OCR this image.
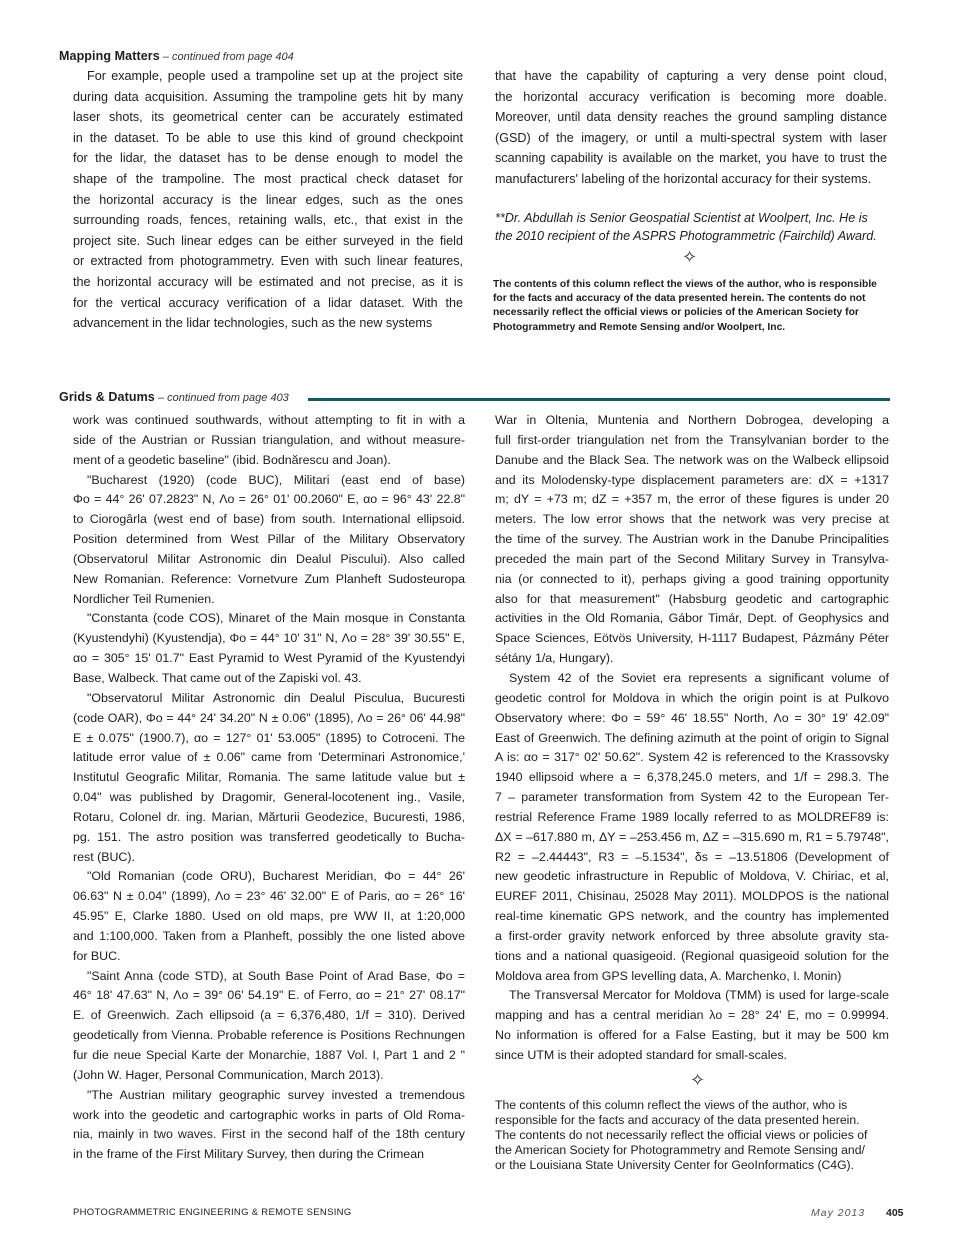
Mapping Matters – continued from page 404

For example, people used a trampoline set up at the project site

during data acquisition. Assuming the trampoline gets hit by many

laser shots, its geometrical center can be accurately estimated

in the dataset. To be able to use this kind of ground checkpoint

for the lidar, the dataset has to be dense enough to model the

shape of the trampoline. The most practical check dataset for

the horizontal accuracy is the linear edges, such as the ones

surrounding roads, fences, retaining walls, etc., that exist in the

project site. Such linear edges can be either surveyed in the field

or extracted from photogrammetry. Even with such linear features,

the horizontal accuracy will be estimated and not precise, as it is

for the vertical accuracy verification of a lidar dataset. With the

advancement in the lidar technologies, such as the new systems

that have the capability of capturing a very dense point cloud,

the horizontal accuracy verification is becoming more doable.

Moreover, until data density reaches the ground sampling distance

(GSD) of the imagery, or until a multi-spectral system with laser

scanning capability is available on the market, you have to trust the

manufacturers' labeling of the horizontal accuracy for their systems.

**Dr. Abdullah is Senior Geospatial Scientist at Woolpert, Inc. He is
the 2010 recipient of the ASPRS Photogrammetric (Fairchild) Award.
✧
The contents of this column reflect the views of the author, who is responsible
for the facts and accuracy of the data presented herein. The contents do not
necessarily reflect the official views or policies of the American Society for
Photogrammetry and Remote Sensing and/or Woolpert, Inc.
Grids & Datums – continued from page 403

work was continued southwards, without attempting to fit in with a

side of the Austrian or Russian triangulation, and without measure-

ment of a geodetic baseline" (ibid. Bodnărescu and Joan).

"Bucharest (1920) (code BUC), Militari (east end of base)

Φo = 44° 26' 07.2823" N, Λo = 26° 01' 00.2060" E, αo = 96° 43' 22.8"

to Ciorogârla (west end of base) from south. International ellipsoid.

Position determined from West Pillar of the Military Observatory

(Observatorul Militar Astronomic din Dealul Piscului). Also called

New Romanian. Reference: Vornetvure Zum Planheft Sudosteuropa

Nordlicher Teil Rumenien.

"Constanta (code COS), Minaret of the Main mosque in Constanta

(Kyustendyhi) (Kyustendja), Φo = 44° 10' 31" N, Λo = 28° 39' 30.55" E,

αo = 305° 15' 01.7" East Pyramid to West Pyramid of the Kyustendyi

Base, Walbeck. That came out of the Zapiski vol. 43.

"Observatorul Militar Astronomic din Dealul Pisculua, Bucuresti

(code OAR), Φo = 44° 24' 34.20" N ± 0.06" (1895), Λo = 26° 06' 44.98"

E ± 0.075" (1900.7), αo = 127° 01' 53.005" (1895) to Cotroceni. The

latitude error value of ± 0.06" came from 'Determinari Astronomice,'

Institutul Geografic Militar, Romania. The same latitude value but ±

0.04" was published by Dragomir, General-locotenent ing., Vasile,

Rotaru, Colonel dr. ing. Marian, Mărturii Geodezice, Bucuresti, 1986,

pg. 151. The astro position was transferred geodetically to Bucha-

rest (BUC).

"Old Romanian (code ORU), Bucharest Meridian, Φo = 44° 26'

06.63" N ± 0.04" (1899), Λo = 23° 46' 32.00" E of Paris, αo = 26° 16'

45.95" E, Clarke 1880. Used on old maps, pre WW II, at 1:20,000

and 1:100,000. Taken from a Planheft, possibly the one listed above

for BUC.

"Saint Anna (code STD), at South Base Point of Arad Base, Φo =

46° 18' 47.63" N, Λo = 39° 06' 54.19" E. of Ferro, αo = 21° 27' 08.17"

E. of Greenwich. Zach ellipsoid (a = 6,376,480, 1/f = 310). Derived

geodetically from Vienna. Probable reference is Positions Rechnungen

fur die neue Special Karte der Monarchie, 1887 Vol. I, Part 1 and 2 "

(John W. Hager, Personal Communication, March 2013).

"The Austrian military geographic survey invested a tremendous

work into the geodetic and cartographic works in parts of Old Roma-

nia, mainly in two waves. First in the second half of the 18th century

in the frame of the First Military Survey, then during the Crimean

War in Oltenia, Muntenia and Northern Dobrogea, developing a

full first-order triangulation net from the Transylvanian border to the

Danube and the Black Sea. The network was on the Walbeck ellipsoid

and its Molodensky-type displacement parameters are: dX = +1317

m; dY = +73 m; dZ = +357 m, the error of these figures is under 20

meters. The low error shows that the network was very precise at

the time of the survey. The Austrian work in the Danube Principalities

preceded the main part of the Second Military Survey in Transylva-

nia (or connected to it), perhaps giving a good training opportunity

also for that measurement" (Habsburg geodetic and cartographic

activities in the Old Romania, Gábor Timár, Dept. of Geophysics and

Space Sciences, Eötvös University, H-1117 Budapest, Pázmány Péter

sétány 1/a, Hungary).

System 42 of the Soviet era represents a significant volume of

geodetic control for Moldova in which the origin point is at Pulkovo

Observatory where: Φo = 59° 46' 18.55" North, Λo = 30° 19' 42.09"

East of Greenwich. The defining azimuth at the point of origin to Signal

A is: αo = 317° 02' 50.62". System 42 is referenced to the Krassovsky

1940 ellipsoid where a = 6,378,245.0 meters, and 1/f = 298.3. The

7 – parameter transformation from System 42 to the European Ter-

restrial Reference Frame 1989 locally referred to as MOLDREF89 is:

ΔX = –617.880 m, ΔY = –253.456 m, ΔZ = –315.690 m, R1 = 5.79748",

R2 = –2.44443", R3 = –5.1534", δs = –13.51806 (Development of

new geodetic infrastructure in Republic of Moldova, V. Chiriac, et al,

EUREF 2011, Chisinau, 25028 May 2011). MOLDPOS is the national

real-time kinematic GPS network, and the country has implemented

a first-order gravity network enforced by three absolute gravity sta-

tions and a national quasigeoid. (Regional quasigeoid solution for the

Moldova area from GPS levelling data, A. Marchenko, I. Monin)

The Transversal Mercator for Moldova (TMM) is used for large-scale

mapping and has a central meridian λo = 28° 24' E, mo = 0.99994.

No information is offered for a False Easting, but it may be 500 km

since UTM is their adopted standard for small-scales.

✧
The contents of this column reflect the views of the author, who is
responsible for the facts and accuracy of the data presented herein.
The contents do not necessarily reflect the official views or policies of
the American Society for Photogrammetry and Remote Sensing and/
or the Louisiana State University Center for GeoInformatics (C4G).
PHOTOGRAMMETRIC ENGINEERING & REMOTE SENSING	May 2013 405
